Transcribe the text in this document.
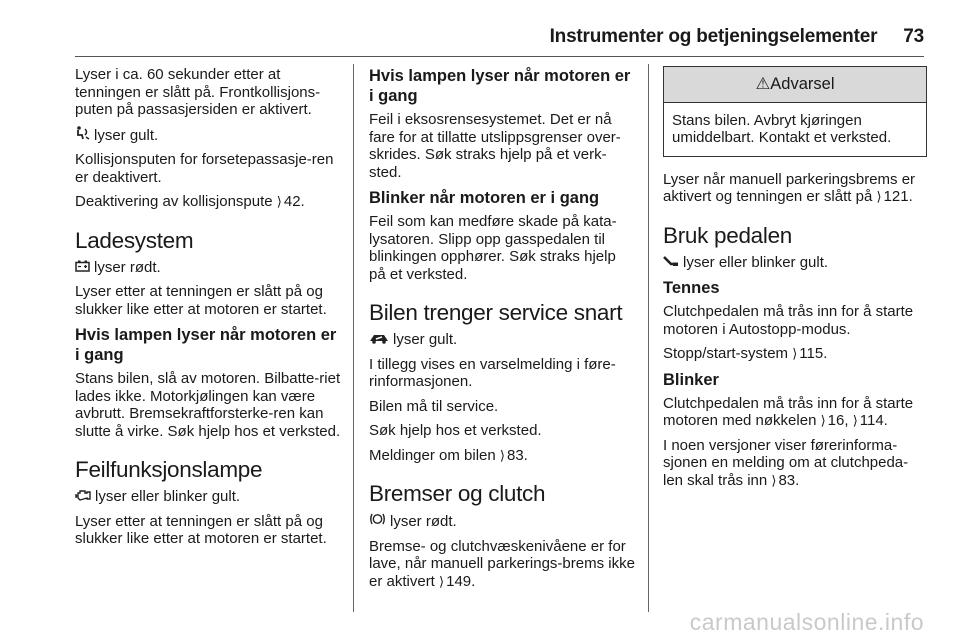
Instrumenter og betjeningselementer 73

Lyser i ca. 60 sekunder etter at tenningen er slått på. Frontkollisjons-puten på passasjersiden er aktivert.

lyser gult.

Kollisjonsputen for forsetepassasje-ren er deaktivert.

Deaktivering av kollisjonspute ⟩ 42.

Ladesystem

lyser rødt.

Lyser etter at tenningen er slått på og slukker like etter at motoren er startet.

Hvis lampen lyser når motoren er i gang

Stans bilen, slå av motoren. Bilbatte-riet lades ikke. Motorkjølingen kan være avbrutt. Bremsekraftforsterke-ren kan slutte å virke. Søk hjelp hos et verksted.

Feilfunksjonslampe

lyser eller blinker gult.

Lyser etter at tenningen er slått på og slukker like etter at motoren er startet.

Hvis lampen lyser når motoren er i gang

Feil i eksosrensesystemet. Det er nå fare for at tillatte utslippsgrenser over-skrides. Søk straks hjelp på et verk-sted.

Blinker når motoren er i gang

Feil som kan medføre skade på kata-lysatoren. Slipp opp gasspedalen til blinkingen opphører. Søk straks hjelp på et verksted.

Bilen trenger service snart

lyser gult.

I tillegg vises en varselmelding i føre-rinformasjonen.

Bilen må til service.

Søk hjelp hos et verksted.

Meldinger om bilen ⟩ 83.

Bremser og clutch

lyser rødt.

Bremse- og clutchvæskenivåene er for lave, når manuell parkerings-brems ikke er aktivert ⟩ 149.

⚠Advarsel
Stans bilen. Avbryt kjøringen umiddelbart. Kontakt et verksted.

Lyser når manuell parkeringsbrems er aktivert og tenningen er slått på ⟩ 121.

Bruk pedalen

lyser eller blinker gult.

Tennes

Clutchpedalen må trås inn for å starte motoren i Autostopp-modus.

Stopp/start-system ⟩ 115.

Blinker

Clutchpedalen må trås inn for å starte motoren med nøkkelen ⟩ 16, ⟩ 114.

I noen versjoner viser førerinforma-sjonen en melding om at clutchpeda-len skal trås inn ⟩ 83.

carmanualsonline.info
